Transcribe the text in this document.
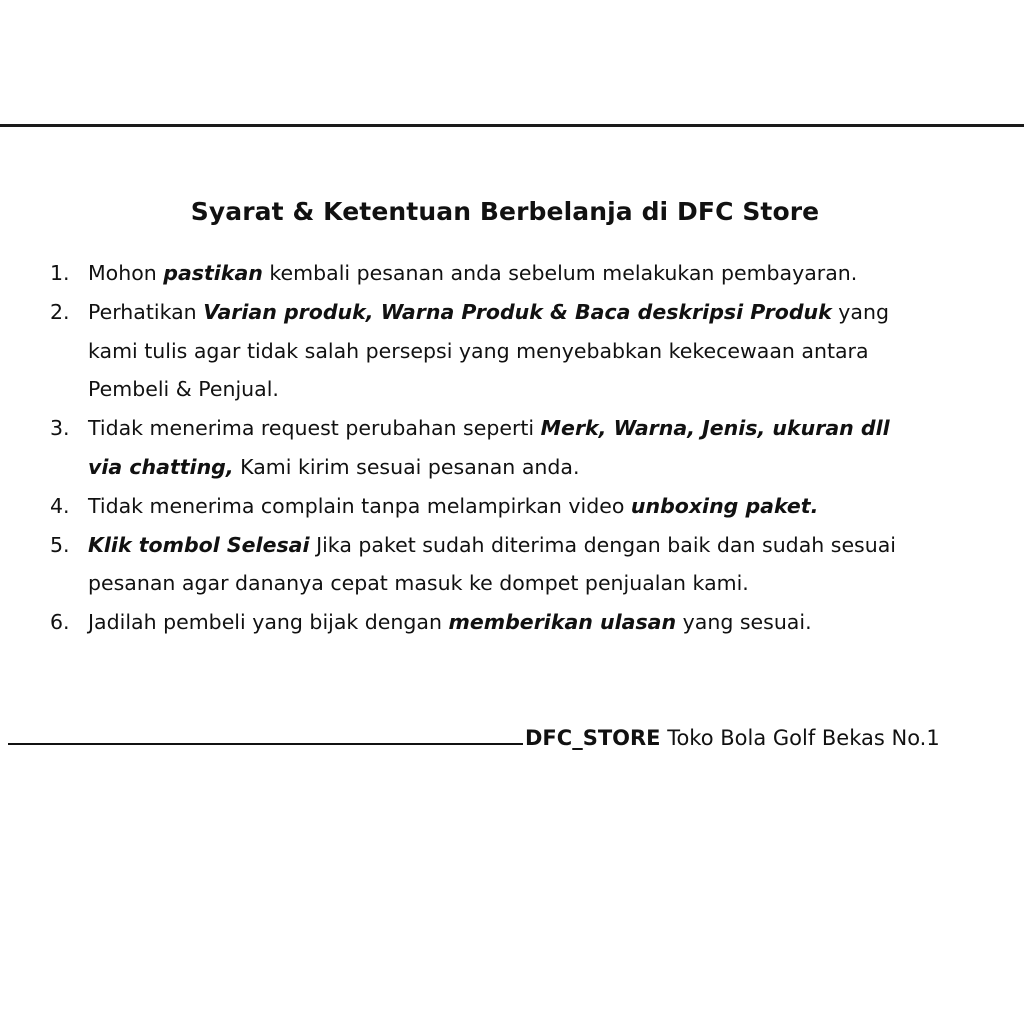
Syarat & Ketentuan Berbelanja di DFC Store
1. Mohon pastikan kembali pesanan anda sebelum melakukan pembayaran.
2. Perhatikan Varian produk, Warna Produk & Baca deskripsi Produk yang
kami tulis agar tidak salah persepsi yang menyebabkan kekecewaan antara
Pembeli & Penjual.
3. Tidak menerima request perubahan seperti Merk, Warna, Jenis, ukuran dll
via chatting, Kami kirim sesuai pesanan anda.
4. Tidak menerima complain tanpa melampirkan video unboxing paket.
5. Klik tombol Selesai Jika paket sudah diterima dengan baik dan sudah sesuai
pesanan agar dananya cepat masuk ke dompet penjualan kami.
6. Jadilah pembeli yang bijak dengan memberikan ulasan yang sesuai.
DFC_STORE Toko Bola Golf Bekas No.1
